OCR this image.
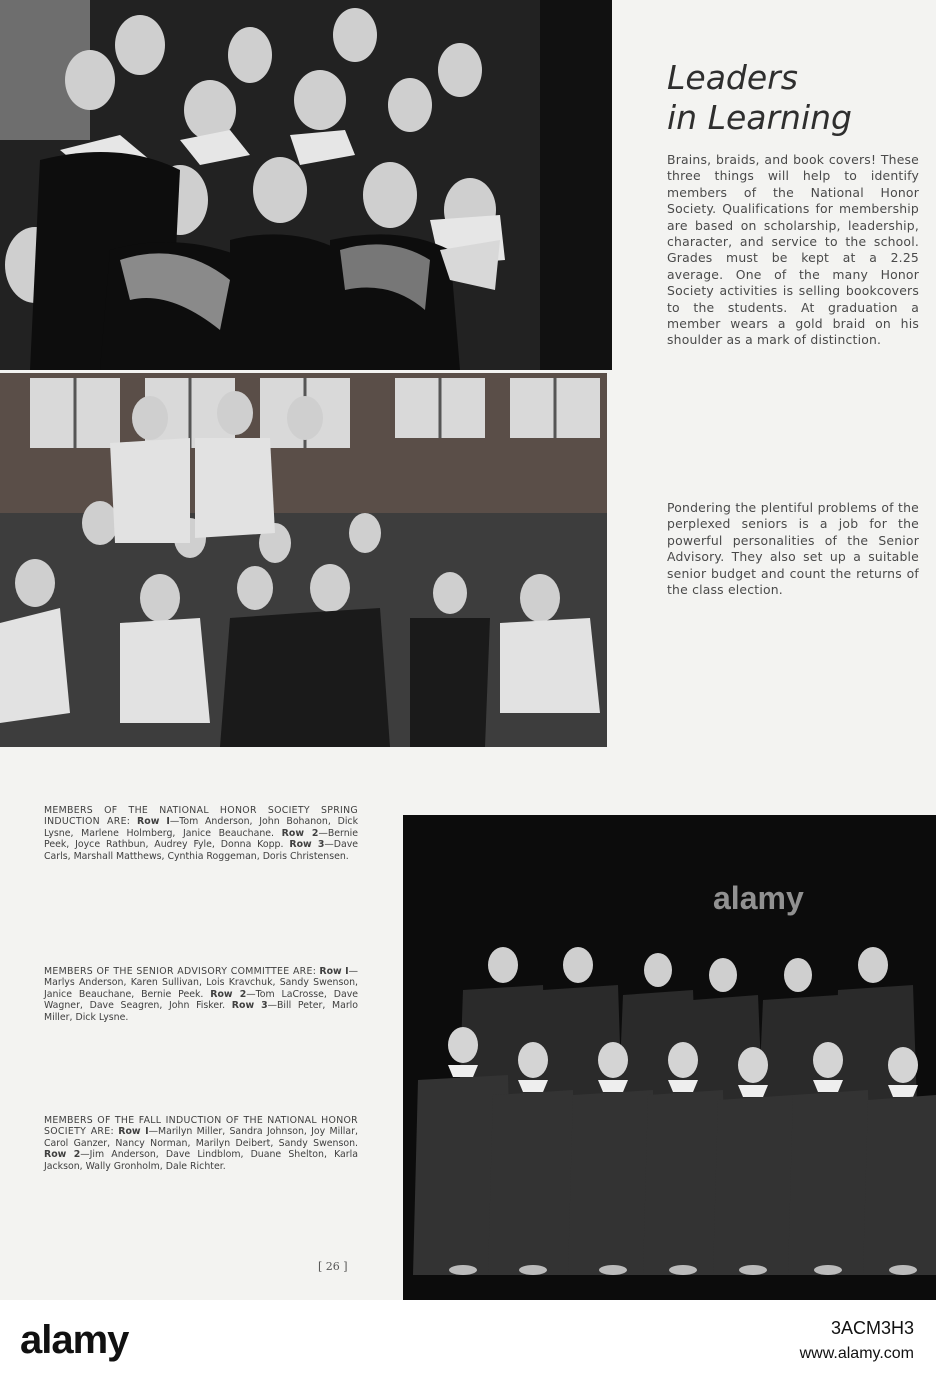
Leaders
in Learning

Brains, braids, and book covers! These three things will help to identify members of the National Honor Society. Qualifications for membership are based on scholarship, leadership, character, and service to the school. Grades must be kept at a 2.25 average. One of the many Honor Society activities is selling bookcovers to the students. At graduation a member wears a gold braid on his shoulder as a mark of distinction.

Pondering the plentiful problems of the perplexed seniors is a job for the powerful personalities of the Senior Advisory. They also set up a suitable senior budget and count the returns of the class election.

MEMBERS OF THE NATIONAL HONOR SOCIETY SPRING INDUCTION ARE: Row I—Tom Anderson, John Bohanon, Dick Lysne, Marlene Holmberg, Janice Beauchane. Row 2—Bernie Peek, Joyce Rathbun, Audrey Fyle, Donna Kopp. Row 3—Dave Carls, Marshall Matthews, Cynthia Roggeman, Doris Christensen.

MEMBERS OF THE SENIOR ADVISORY COMMITTEE ARE: Row I—Marlys Anderson, Karen Sullivan, Lois Kravchuk, Sandy Swenson, Janice Beauchane, Bernie Peek. Row 2—Tom LaCrosse, Dave Wagner, Dave Seagren, John Fisker. Row 3—Bill Peter, Marlo Miller, Dick Lysne.

MEMBERS OF THE FALL INDUCTION OF THE NATIONAL HONOR SOCIETY ARE: Row I—Marilyn Miller, Sandra Johnson, Joy Millar, Carol Ganzer, Nancy Norman, Marilyn Deibert, Sandy Swenson. Row 2—Jim Anderson, Dave Lindblom, Duane Shelton, Karla Jackson, Wally Gronholm, Dale Richter.

[ 26 ]
alamy
alamy	3ACM3H3
www.alamy.com
